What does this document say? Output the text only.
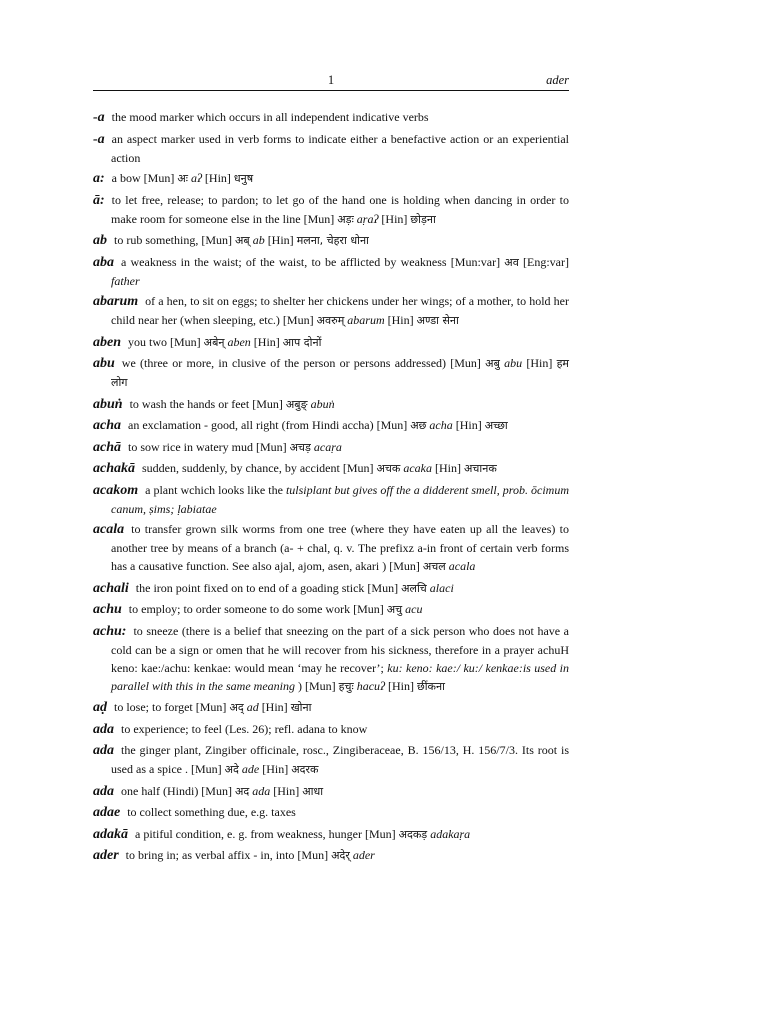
1	ader
-a the mood marker which occurs in all independent indicative verbs
-a an aspect marker used in verb forms to indicate either a benefactive action or an experiential action
a: a bow [Mun] अः aʔ [Hin] धनुष
ā: to let free, release; to pardon; to let go of the hand one is holding when dancing in order to make room for someone else in the line [Mun] अड़ः aṛaʔ [Hin] छोड़ना
ab to rub something, [Mun] अब् ab [Hin] मलना, चेहरा धोना
aba a weakness in the waist; of the waist, to be afflicted by weakness [Mun:var] अव [Eng:var] father
abarum of a hen, to sit on eggs; to shelter her chickens under her wings; of a mother, to hold her child near her (when sleeping, etc.) [Mun] अवरुम् abarum [Hin] अण्डा सेना
aben you two [Mun] अबेन् aben [Hin] आप दोनों
abu we (three or more, in clusive of the person or persons addressed) [Mun] अबु abu [Hin] हम लोग
abuṅ to wash the hands or feet [Mun] अबुङ् abuṅ
acha an exclamation - good, all right (from Hindi accha) [Mun] अछ acha [Hin] अच्छा
achā to sow rice in watery mud [Mun] अचड़ acaṛa
achakā sudden, suddenly, by chance, by accident [Mun] अचक acaka [Hin] अचानक
acakom a plant wchich looks like the tulsiplant but gives off the a didderent smell, prob. ōcimum canum, ṣims; ḷabiatae
acala to transfer grown silk worms from one tree (where they have eaten up all the leaves) to another tree by means of a branch (a- + chal, q. v. The prefixz a-in front of certain verb forms has a causative function. See also ajal, ajom, asen, akari ) [Mun] अचल acala
achali the iron point fixed on to end of a goading stick [Mun] अलचि alaci
achu to employ; to order someone to do some work [Mun] अचु acu
achu: to sneeze (there is a belief that sneezing on the part of a sick person who does not have a cold can be a sign or omen that he will recover from his sickness, therefore in a prayer achuH keno: kae:/achu: kenkae: would mean ‘may he recover’; ku: keno: kae:/ ku:/ kenkae:is used in parallel with this in the same meaning ) [Mun] हचुः hacuʔ [Hin] छींकना
aḍ to lose; to forget [Mun] अद् ad [Hin] खोना
ada to experience; to feel (Les. 26); refl. adana to know
ada the ginger plant, Zingiber officinale, rosc., Zingiberaceae, B. 156/13, H. 156/7/3. Its root is used as a spice . [Mun] अदे ade [Hin] अदरक
ada one half (Hindi) [Mun] अद ada [Hin] आधा
adae to collect something due, e.g. taxes
adakā a pitiful condition, e. g. from weakness, hunger [Mun] अदकड़ adakaṛa
ader to bring in; as verbal affix - in, into [Mun] अदेर् ader
